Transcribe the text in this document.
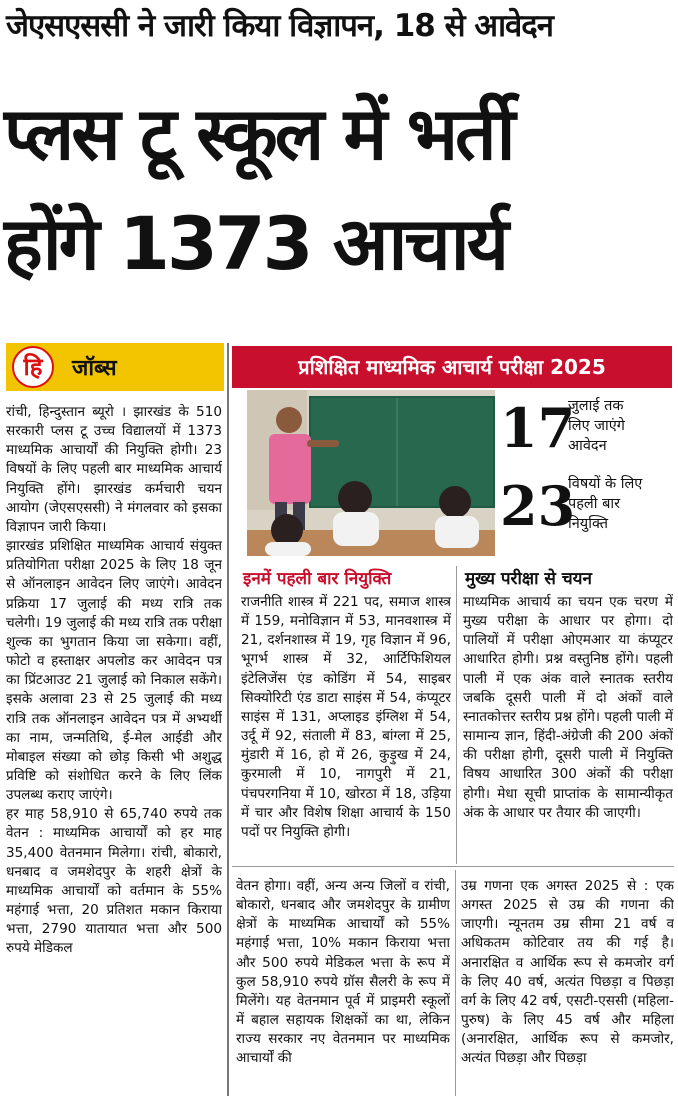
जेएसएससी ने जारी किया विज्ञापन, 18 से आवेदन
प्लस टू स्कूल में भर्ती
होंगे 1373 आचार्य
हि	जॉब्स	प्रशिक्षित माध्यमिक आचार्य परीक्षा 2025
17
जुलाई तक
लिए जाएंगे
आवेदन
23
विषयों के लिए
पहली बार
नियुक्ति
इनमें पहली बार नियुक्ति	मुख्य परीक्षा से चयन
राजनीति शास्त्र में 221 पद, समाज शास्त्र में 159, मनोविज्ञान में 53, मानवशास्त्र में 21, दर्शनशास्त्र में 19, गृह विज्ञान में 96, भूगर्भ शास्त्र में 32, आर्टिफिशियल इंटेलिजेंस एंड कोडिंग में 54, साइबर सिक्योरिटी एंड डाटा साइंस में 54, कंप्यूटर साइंस में 131, अप्लाइड इंग्लिश में 54, उर्दू में 92, संताली में 83, बांग्ला में 25, मुंडारी में 16, हो में 26, कुड़ुख में 24, कुरमाली में 10, नागपुरी में 21, पंचपरगनिया में 10, खोरठा में 18, उड़िया में चार और विशेष शिक्षा आचार्य के 150 पदों पर नियुक्ति होगी।
माध्यमिक आचार्य का चयन एक चरण में मुख्य परीक्षा के आधार पर होगा। दो पालियों में परीक्षा ओएमआर या कंप्यूटर आधारित होगी। प्रश्न वस्तुनिष्ठ होंगे। पहली पाली में एक अंक वाले स्नातक स्तरीय जबकि दूसरी पाली में दो अंकों वाले स्नातकोत्तर स्तरीय प्रश्न होंगे। पहली पाली में सामान्य ज्ञान, हिंदी-अंग्रेजी की 200 अंकों की परीक्षा होगी, दूसरी पाली में नियुक्ति विषय आधारित 300 अंकों की परीक्षा होगी। मेधा सूची प्राप्तांक के सामान्यीकृत अंक के आधार पर तैयार की जाएगी।
रांची, हिन्दुस्तान ब्यूरो । झारखंड के 510 सरकारी प्लस टू उच्च विद्यालयों में 1373 माध्यमिक आचार्यों की नियुक्ति होगी। 23 विषयों के लिए पहली बार माध्यमिक आचार्य नियुक्ति होंगे। झारखंड कर्मचारी चयन आयोग (जेएसएससी) ने मंगलवार को इसका विज्ञापन जारी किया।
झारखंड प्रशिक्षित माध्यमिक आचार्य संयुक्त प्रतियोगिता परीक्षा 2025 के लिए 18 जून से ऑनलाइन आवेदन लिए जाएंगे। आवेदन प्रक्रिया 17 जुलाई की मध्य रात्रि तक चलेगी। 19 जुलाई की मध्य रात्रि तक परीक्षा शुल्क का भुगतान किया जा सकेगा। वहीं, फोटो व हस्ताक्षर अपलोड कर आवेदन पत्र का प्रिंटआउट 21 जुलाई को निकाल सकेंगे। इसके अलावा 23 से 25 जुलाई की मध्य रात्रि तक ऑनलाइन आवेदन पत्र में अभ्यर्थी का नाम, जन्मतिथि, ई-मेल आईडी और मोबाइल संख्या को छोड़ किसी भी अशुद्ध प्रविष्टि को संशोधित करने के लिए लिंक उपलब्ध कराए जाएंगे।
हर माह 58,910 से 65,740 रुपये तक वेतन : माध्यमिक आचार्यों को हर माह 35,400 वेतनमान मिलेगा। रांची, बोकारो, धनबाद व जमशेदपुर के शहरी क्षेत्रों के माध्यमिक आचार्यों को वर्तमान के 55% महंगाई भत्ता, 20 प्रतिशत मकान किराया भत्ता, 2790 यातायात भत्ता और 500 रुपये मेडिकल
वेतन होगा। वहीं, अन्य अन्य जिलों व रांची, बोकारो, धनबाद और जमशेदपुर के ग्रामीण क्षेत्रों के माध्यमिक आचार्यों को 55% महंगाई भत्ता, 10% मकान किराया भत्ता और 500 रुपये मेडिकल भत्ता के रूप में कुल 58,910 रुपये ग्रॉस सैलरी के रूप में मिलेंगे। यह वेतनमान पूर्व में प्राइमरी स्कूलों में बहाल सहायक शिक्षकों का था, लेकिन राज्य सरकार नए वेतनमान पर माध्यमिक आचार्यों की
उम्र गणना एक अगस्त 2025 से : एक अगस्त 2025 से उम्र की गणना की जाएगी। न्यूनतम उम्र सीमा 21 वर्ष व अधिकतम कोटिवार तय की गई है। अनारक्षित व आर्थिक रूप से कमजोर वर्ग के लिए 40 वर्ष, अत्यंत पिछड़ा व पिछड़ा वर्ग के लिए 42 वर्ष, एसटी-एससी (महिला-पुरुष) के लिए 45 वर्ष और महिला (अनारक्षित, आर्थिक रूप से कमजोर, अत्यंत पिछड़ा और पिछड़ा
